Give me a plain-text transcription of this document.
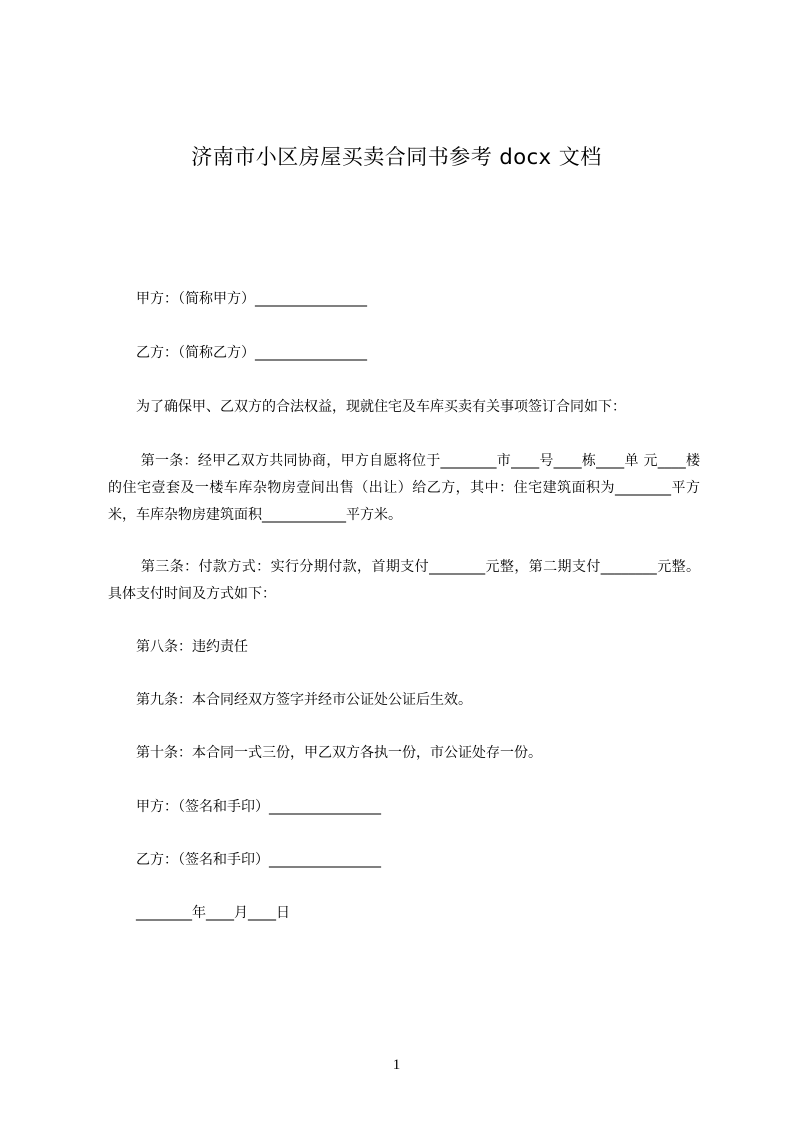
济南市小区房屋买卖合同书参考 docx 文档
甲方：（简称甲方）________________
乙方：（简称乙方）________________
为了确保甲、乙双方的合法权益，现就住宅及车库买卖有关事项签订合同如下：
第一条：经甲乙双方共同协商，甲方自愿将位于________市____号____栋____单 元____楼的住宅壹套及一楼车库杂物房壹间出售（出让）给乙方，其中：住宅建筑面积为________平方米，车库杂物房建筑面积____________平方米。
第三条：付款方式：实行分期付款，首期支付________元整，第二期支付________元整。具体支付时间及方式如下：
第八条：违约责任
第九条：本合同经双方签字并经市公证处公证后生效。
第十条：本合同一式三份，甲乙双方各执一份，市公证处存一份。
甲方：（签名和手印）________________
乙方：（签名和手印）________________
________年____月____日
1
